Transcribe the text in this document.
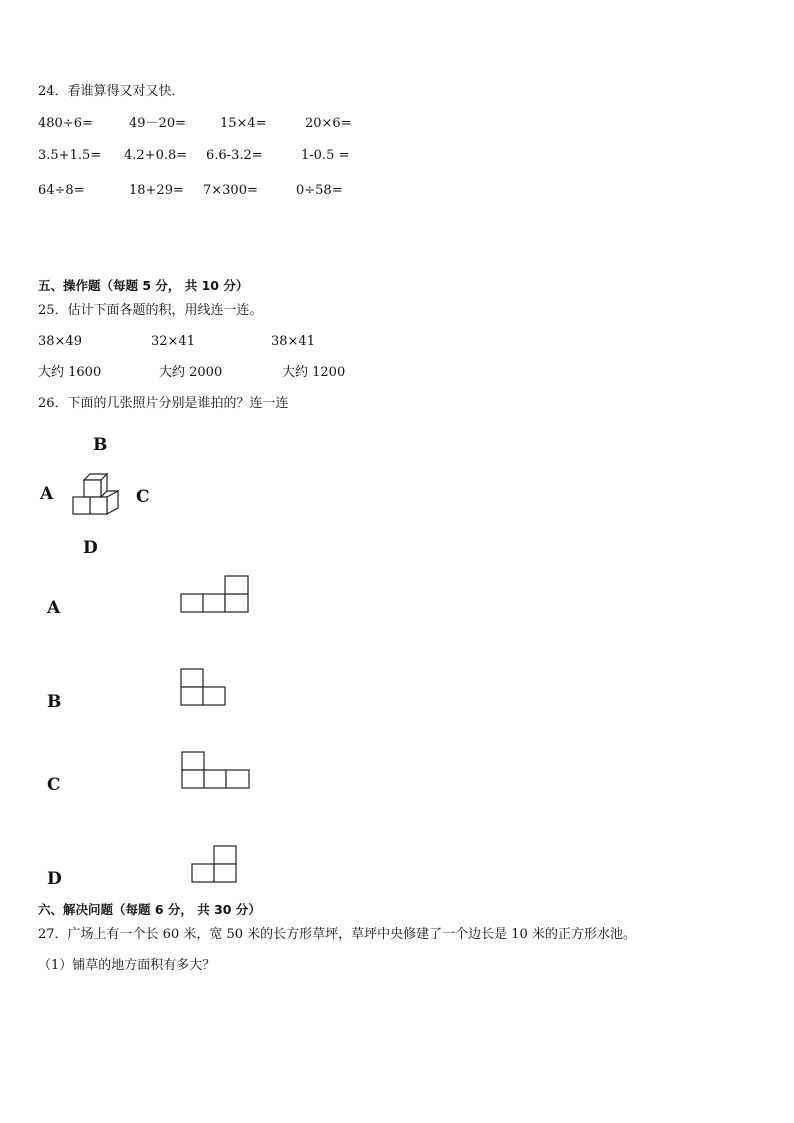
24．看谁算得又对又快．
480÷6=	49－20=	15×4=	20×6=
3.5+1.5= 4.2+0.8= 6.6-3.2=	1-0.5 =
64÷8=	18+29= 7×300=	0÷58=
五、操作题（每题 5 分， 共 10 分）
25．估计下面各题的积，用线连一连。
38×49	32×41	38×41
大约 1600	大约 2000	大约 1200
26．下面的几张照片分别是谁拍的？连一连
B
A	C
D
A
B
C
D
六、解决问题（每题 6 分， 共 30 分）
27．广场上有一个长 60 米，宽 50 米的长方形草坪，草坪中央修建了一个边长是 10 米的正方形水池。
（1）铺草的地方面积有多大？
